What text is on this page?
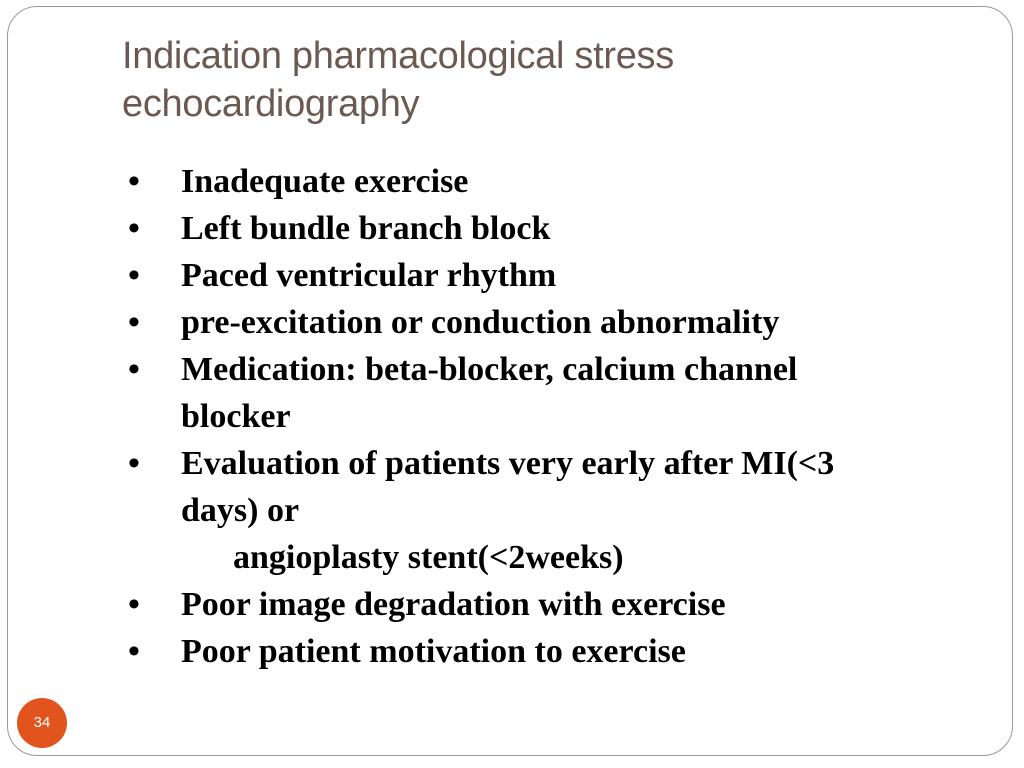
Indication pharmacological stress
echocardiography
• Inadequate exercise
• Left bundle branch block
• Paced ventricular rhythm
• pre-excitation or conduction abnormality
• Medication: beta-blocker, calcium channel
blocker
• Evaluation of patients very early after MI(<3
days) or
angioplasty stent(<2weeks)
• Poor image degradation with exercise
• Poor patient motivation to exercise
34
